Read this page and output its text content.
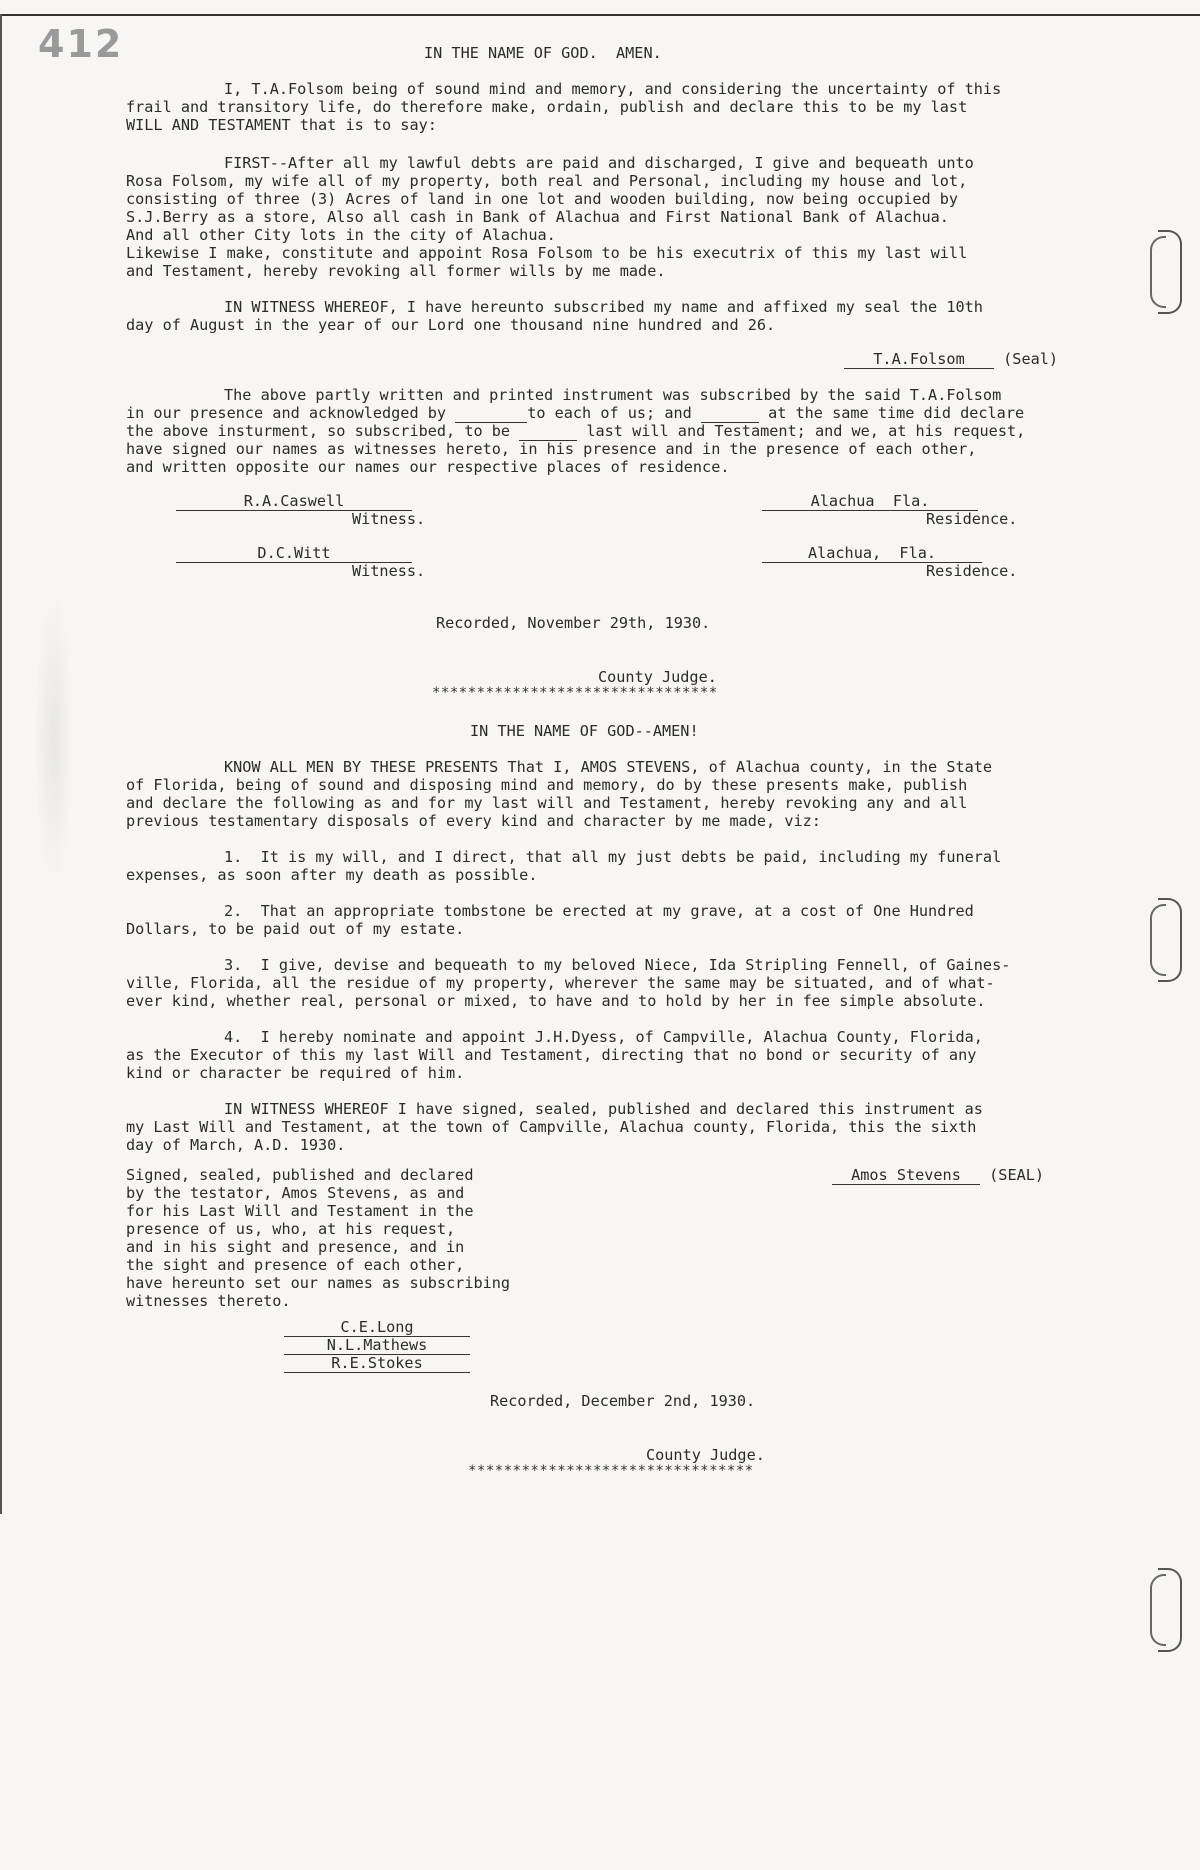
412	IN THE NAME OF GOD.  AMEN.
I, T.A.Folsom being of sound mind and memory, and considering the uncertainty of this
frail and transitory life, do therefore make, ordain, publish and declare this to be my last
WILL AND TESTAMENT that is to say:
FIRST--After all my lawful debts are paid and discharged, I give and bequeath unto
Rosa Folsom, my wife all of my property, both real and Personal, including my house and lot,
consisting of three (3) Acres of land in one lot and wooden building, now being occupied by
S.J.Berry as a store, Also all cash in Bank of Alachua and First National Bank of Alachua.
And all other City lots in the city of Alachua.
Likewise I make, constitute and appoint Rosa Folsom to be his executrix of this my last will
and Testament, hereby revoking all former wills by me made.
IN WITNESS WHEREOF, I have hereunto subscribed my name and affixed my seal the 10th
day of August in the year of our Lord one thousand nine hundred and 26.
T.A.Folsom	(Seal)
The above partly written and printed instrument was subscribed by the said T.A.Folsom
in our presence and acknowledged by	to each of us; and	at the same time did declare
the above insturment, so subscribed, to be	last will and Testament; and we, at his request,
have signed our names as witnesses hereto, in his presence and in the presence of each other,
and written opposite our names our respective places of residence.
R.A.Caswell
Witness.
Alachua  Fla.
Residence.
D.C.Witt
Witness.
Alachua,  Fla.
Residence.
Recorded, November 29th, 1930.
County Judge.
********************************
IN THE NAME OF GOD--AMEN!
KNOW ALL MEN BY THESE PRESENTS That I, AMOS STEVENS, of Alachua county, in the State
of Florida, being of sound and disposing mind and memory, do by these presents make, publish
and declare the following as and for my last will and Testament, hereby revoking any and all
previous testamentary disposals of every kind and character by me made, viz:
1.  It is my will, and I direct, that all my just debts be paid, including my funeral
expenses, as soon after my death as possible.
2.  That an appropriate tombstone be erected at my grave, at a cost of One Hundred
Dollars, to be paid out of my estate.
3.  I give, devise and bequeath to my beloved Niece, Ida Stripling Fennell, of Gaines-
ville, Florida, all the residue of my property, wherever the same may be situated, and of what-
ever kind, whether real, personal or mixed, to have and to hold by her in fee simple absolute.
4.  I hereby nominate and appoint J.H.Dyess, of Campville, Alachua County, Florida,
as the Executor of this my last Will and Testament, directing that no bond or security of any
kind or character be required of him.
IN WITNESS WHEREOF I have signed, sealed, published and declared this instrument as
my Last Will and Testament, at the town of Campville, Alachua county, Florida, this the sixth
day of March, A.D. 1930.
Amos Stevens (SEAL)
Signed, sealed, published and declared
by the testator, Amos Stevens, as and
for his Last Will and Testament in the
presence of us, who, at his request,
and in his sight and presence, and in
the sight and presence of each other,
have hereunto set our names as subscribing
witnesses thereto.
C.E.Long
N.L.Mathews
R.E.Stokes
Recorded, December 2nd, 1930.
County Judge.
********************************
